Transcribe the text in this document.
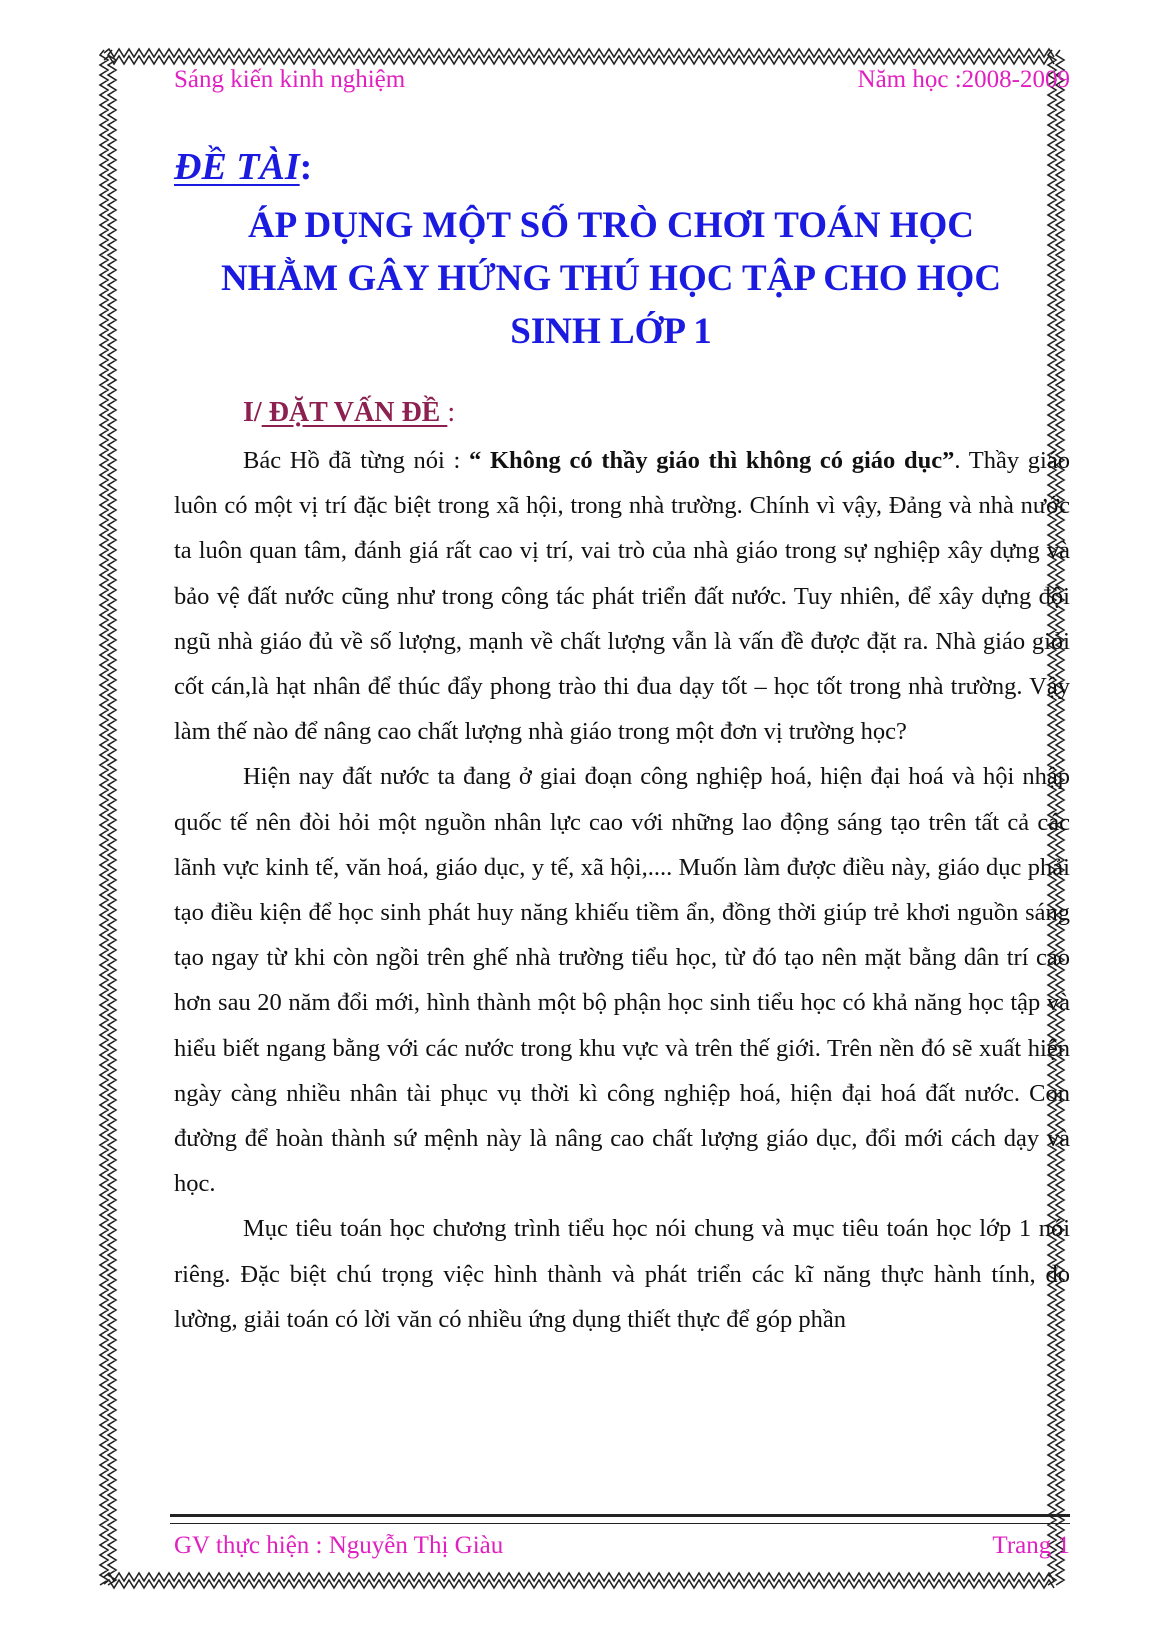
Sáng kiến kinh nghiệm	Năm học :2008-2009
ĐỀ TÀI:
ÁP DỤNG MỘT SỐ TRÒ CHƠI TOÁN HỌC NHẰM GÂY HỨNG THÚ HỌC TẬP CHO HỌC SINH LỚP 1
I/ ĐẶT VẤN ĐỀ :

Bác Hồ đã từng nói : “ Không có thầy giáo thì không có giáo dục”. Thầy giáo luôn có một vị trí đặc biệt trong xã hội, trong nhà trường. Chính vì vậy, Đảng và nhà nước ta luôn quan tâm, đánh giá rất cao vị trí, vai trò của nhà giáo trong sự nghiệp xây dựng và bảo vệ đất nước cũng như trong công tác phát triển đất nước. Tuy nhiên, để xây dựng đội ngũ nhà giáo đủ về số lượng, mạnh về chất lượng vẫn là vấn đề được đặt ra. Nhà giáo giỏi cốt cán,là hạt nhân để thúc đẩy phong trào thi đua dạy tốt – học tốt trong nhà trường. Vậy làm thế nào để nâng cao chất lượng nhà giáo trong một đơn vị trường học?

Hiện nay đất nước ta đang ở giai đoạn công nghiệp hoá, hiện đại hoá và hội nhập quốc tế nên đòi hỏi một nguồn nhân lực cao với những lao động sáng tạo trên tất cả các lãnh vực kinh tế, văn hoá, giáo dục, y tế, xã hội,.... Muốn làm được điều này, giáo dục phải tạo điều kiện để học sinh phát huy năng khiếu tiềm ẩn, đồng thời giúp trẻ khơi nguồn sáng tạo ngay từ khi còn ngồi trên ghế nhà trường tiểu học, từ đó tạo nên mặt bằng dân trí cao hơn sau 20 năm đổi mới, hình thành một bộ phận học sinh tiểu học có khả năng học tập và hiểu biết ngang bằng với các nước trong khu vực và trên thế giới. Trên nền đó sẽ xuất hiện ngày càng nhiều nhân tài phục vụ thời kì công nghiệp hoá, hiện đại hoá đất nước. Con đường để hoàn thành sứ mệnh này là nâng cao chất lượng giáo dục, đổi mới cách dạy và học.

Mục tiêu toán học chương trình tiểu học nói chung và mục tiêu toán học lớp 1 nói riêng. Đặc biệt chú trọng việc hình thành và phát triển các kĩ năng thực hành tính, đo lường, giải toán có lời văn có nhiều ứng dụng thiết thực để góp phần

GV thực hiện : Nguyễn Thị Giàu	Trang 1
